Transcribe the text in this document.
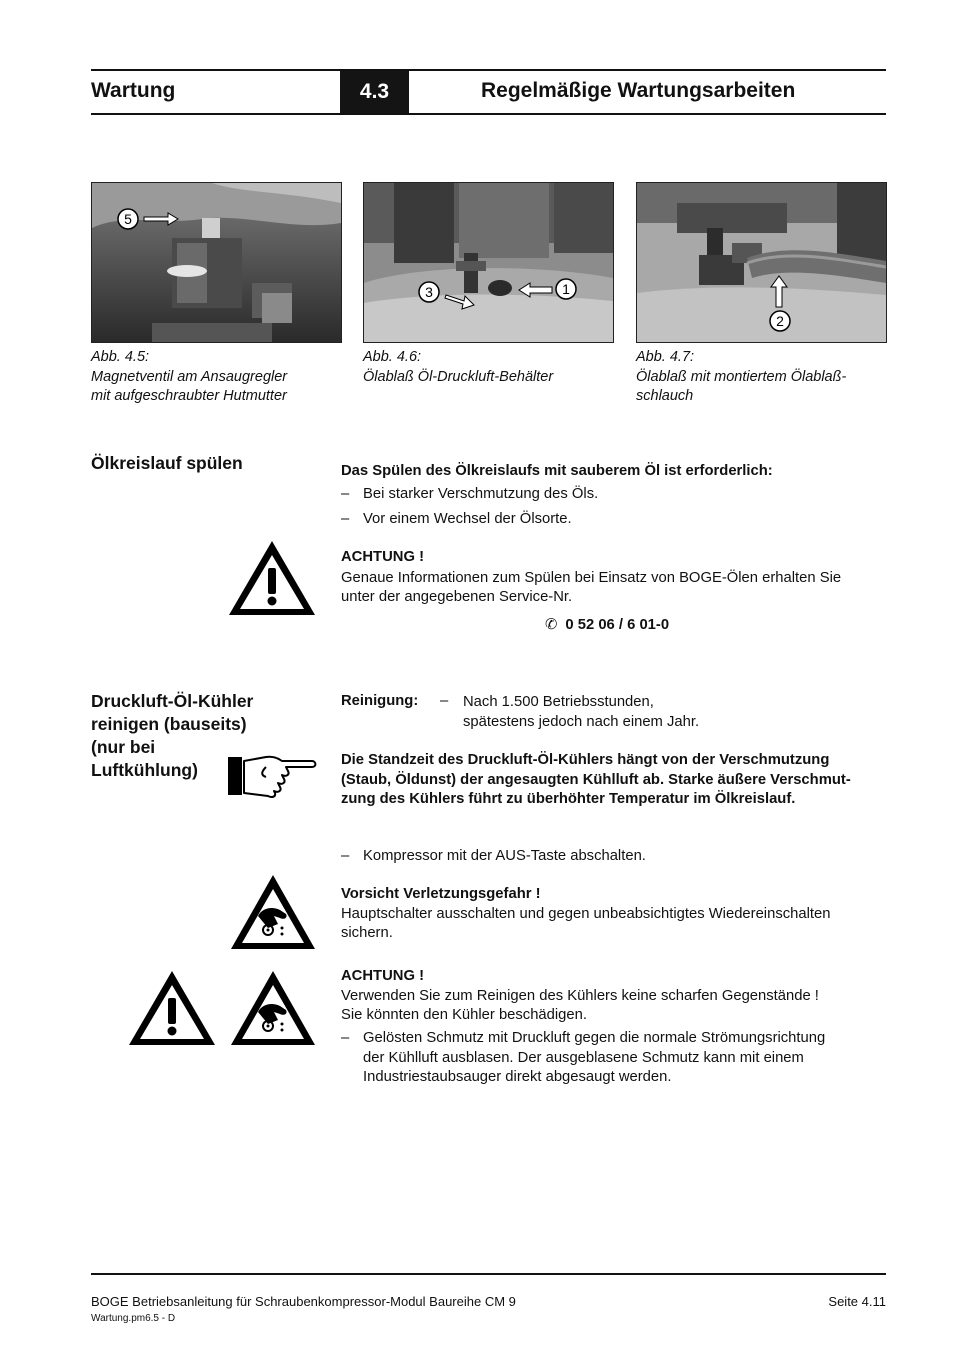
Wartung	4.3	Regelmäßige Wartungsarbeiten
5
3	1
2
Abb. 4.5:
Magnetventil am Ansaugregler
mit aufgeschraubter Hutmutter
Abb. 4.6:
Ölablaß Öl-Druckluft-Behälter
Abb. 4.7:
Ölablaß mit montiertem Ölablaß-
schlauch
Ölkreislauf spülen	Das Spülen des Ölkreislaufs mit sauberem Öl ist erforderlich:
– Bei starker Verschmutzung des Öls.
– Vor einem Wechsel der Ölsorte.
ACHTUNG !
Genaue Informationen zum Spülen bei Einsatz von BOGE-Ölen erhalten Sie
unter der angegebenen Service-Nr.
✆ 0 52 06 / 6 01-0
Druckluft-Öl-Kühler
reinigen (bauseits)
(nur bei
Luftkühlung)
Reinigung: – Nach 1.500 Betriebsstunden,
spätestens jedoch nach einem Jahr.
Die Standzeit des Druckluft-Öl-Kühlers hängt von der Verschmutzung
(Staub, Öldunst) der angesaugten Kühlluft ab. Starke äußere Verschmut-
zung des Kühlers führt zu überhöhter Temperatur im Ölkreislauf.
– Kompressor mit der AUS-Taste abschalten.
Vorsicht Verletzungsgefahr !
Hauptschalter ausschalten und gegen unbeabsichtigtes Wiedereinschalten
sichern.
ACHTUNG !
Verwenden Sie zum Reinigen des Kühlers keine scharfen Gegenstände !
Sie könnten den Kühler beschädigen.
– Gelösten Schmutz mit Druckluft gegen die normale Strömungsrichtung
der Kühlluft ausblasen. Der ausgeblasene Schmutz kann mit einem
Industriestaubsauger direkt abgesaugt werden.
BOGE Betriebsanleitung für Schraubenkompressor-Modul Baureihe CM 9	Seite 4.11
Wartung.pm6.5 - D
